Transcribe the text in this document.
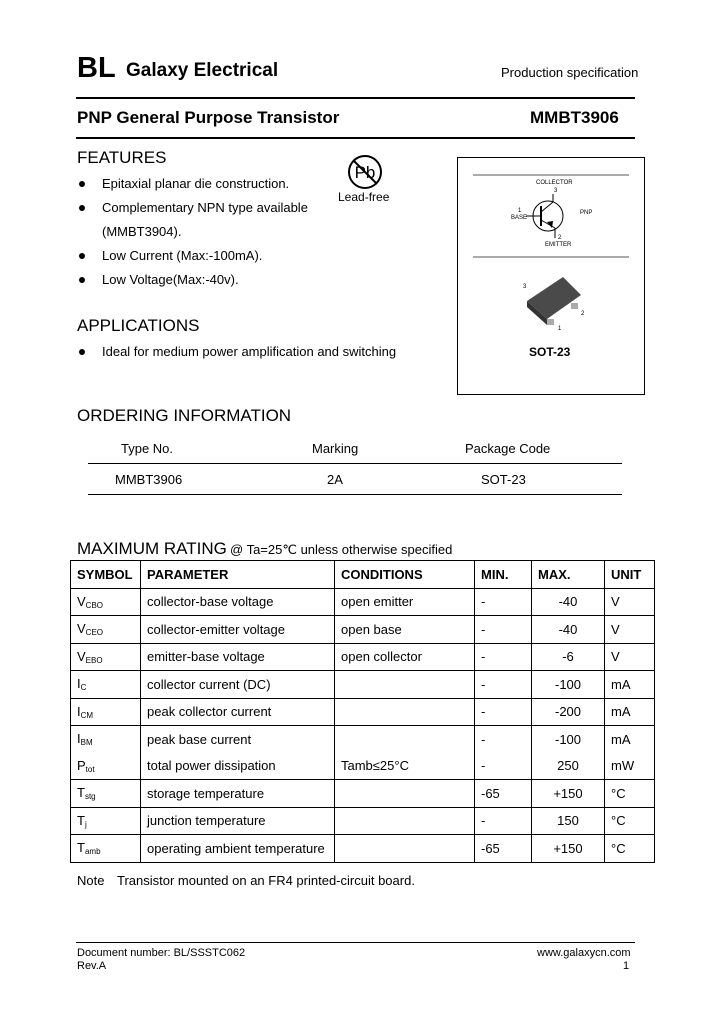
BL Galaxy Electrical	Production specification
PNP General Purpose Transistor	MMBT3906
FEATURES
Pb
Lead-free
Epitaxial planar die construction.
Complementary NPN type available
(MMBT3904).
Low Current (Max:-100mA).
Low Voltage(Max:-40v).
COLLECTOR
3
1
BASE
PNP
2
EMITTER
3
2
1
SOT-23
APPLICATIONS
Ideal for medium power amplification and switching
ORDERING INFORMATION
Type No.	Marking	Package Code
MMBT3906	2A	SOT-23
MAXIMUM RATING @ Ta=25℃ unless otherwise specified
SYMBOL	PARAMETER	CONDITIONS	MIN.	MAX.	UNIT
$V_{CBO}$	collector-base voltage	open emitter	-	-40	V
$V_{CEO}$	collector-emitter voltage	open base	-	-40	V
$V_{EBO}$	emitter-base voltage	open collector	-	-6	V
$I_C$	collector current (DC)		-	-100	mA
$I_{CM}$	peak collector current		-	-200	mA
$I_{BM}$	peak base current		-	-100	mA
$P_{tot}$	total power dissipation	Tamb≤25°C	-	250	mW
$T_{stg}$	storage temperature		-65	+150	°C
$T_j$	junction temperature		-	150	°C
$T_{amb}$	operating ambient temperature		-65	+150	°C
Note Transistor mounted on an FR4 printed-circuit board.
Document number: BL/SSSTC062
Rev.A
www.galaxycn.com
1
